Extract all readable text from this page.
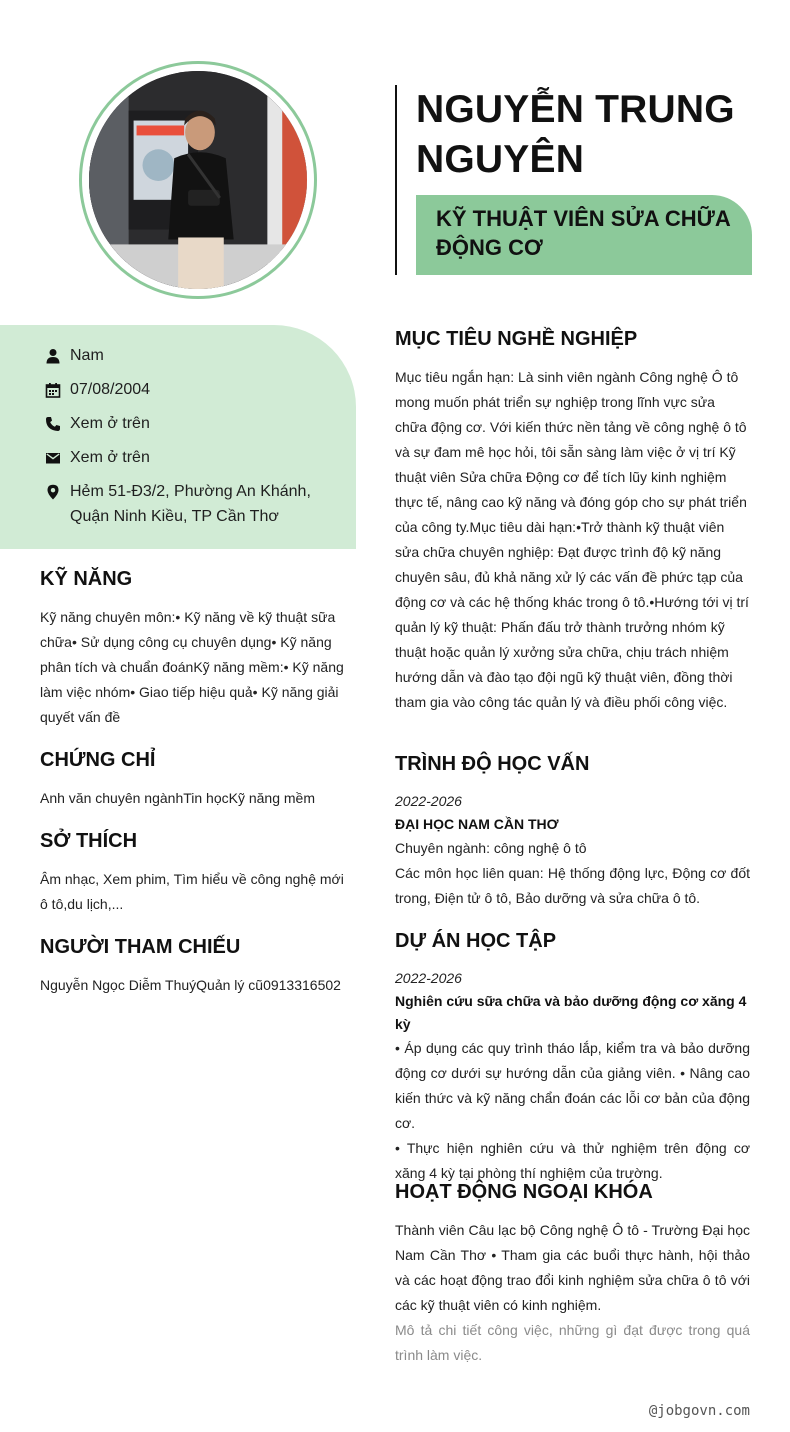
NGUYỄN TRUNG NGUYÊN
KỸ THUẬT VIÊN SỬA CHỮA ĐỘNG CƠ
Nam
07/08/2004
Xem ở trên
Xem ở trên
Hẻm 51-Đ3/2, Phường An Khánh, Quận Ninh Kiều, TP Cần Thơ
KỸ NĂNG
Kỹ năng chuyên môn:• Kỹ năng về kỹ thuật sữa chữa• Sử dụng công cụ chuyên dụng• Kỹ năng phân tích và chuẩn đoánKỹ năng mềm:• Kỹ năng làm việc nhóm• Giao tiếp hiệu quả• Kỹ năng giải quyết vấn đề
CHỨNG CHỈ
Anh văn chuyên ngànhTin họcKỹ năng mềm
SỞ THÍCH
Âm nhạc, Xem phim, Tìm hiểu về công nghệ mới ô tô,du lịch,...
NGƯỜI THAM CHIẾU
Nguyễn Ngọc Diễm ThuýQuản lý cũ0913316502
MỤC TIÊU NGHỀ NGHIỆP
Mục tiêu ngắn hạn: Là sinh viên ngành Công nghệ Ô tô mong muốn phát triển sự nghiệp trong lĩnh vực sửa chữa động cơ. Với kiến thức nền tảng về công nghệ ô tô và sự đam mê học hỏi, tôi sẵn sàng làm việc ở vị trí Kỹ thuật viên Sửa chữa Động cơ để tích lũy kinh nghiệm thực tế, nâng cao kỹ năng và đóng góp cho sự phát triển của công ty.Mục tiêu dài hạn:•Trở thành kỹ thuật viên sửa chữa chuyên nghiệp: Đạt được trình độ kỹ năng chuyên sâu, đủ khả năng xử lý các vấn đề phức tạp của động cơ và các hệ thống khác trong ô tô.•Hướng tới vị trí quản lý kỹ thuật: Phấn đấu trở thành trưởng nhóm kỹ thuật hoặc quản lý xưởng sửa chữa, chịu trách nhiệm hướng dẫn và đào tạo đội ngũ kỹ thuật viên, đồng thời tham gia vào công tác quản lý và điều phối công việc.
TRÌNH ĐỘ HỌC VẤN
2022-2026
ĐẠI HỌC NAM CẦN THƠ
Chuyên ngành: công nghệ ô tô
Các môn học liên quan: Hệ thống động lực, Động cơ đốt trong, Điện tử ô tô, Bảo dưỡng và sửa chữa ô tô.
DỰ ÁN HỌC TẬP
2022-2026
Nghiên cứu sữa chữa và bảo dưỡng động cơ xăng 4 kỳ
• Áp dụng các quy trình tháo lắp, kiểm tra và bảo dưỡng động cơ dưới sự hướng dẫn của giảng viên. • Nâng cao kiến thức và kỹ năng chẩn đoán các lỗi cơ bản của động cơ.
• Thực hiện nghiên cứu và thử nghiệm trên động cơ xăng 4 kỳ tại phòng thí nghiệm của trường.
HOẠT ĐỘNG NGOẠI KHÓA
Thành viên Câu lạc bộ Công nghệ Ô tô - Trường Đại học Nam Cần Thơ • Tham gia các buổi thực hành, hội thảo và các hoạt động trao đổi kinh nghiệm sửa chữa ô tô với các kỹ thuật viên có kinh nghiệm.
Mô tả chi tiết công việc, những gì đạt được trong quá trình làm việc.
@jobgovn.com
